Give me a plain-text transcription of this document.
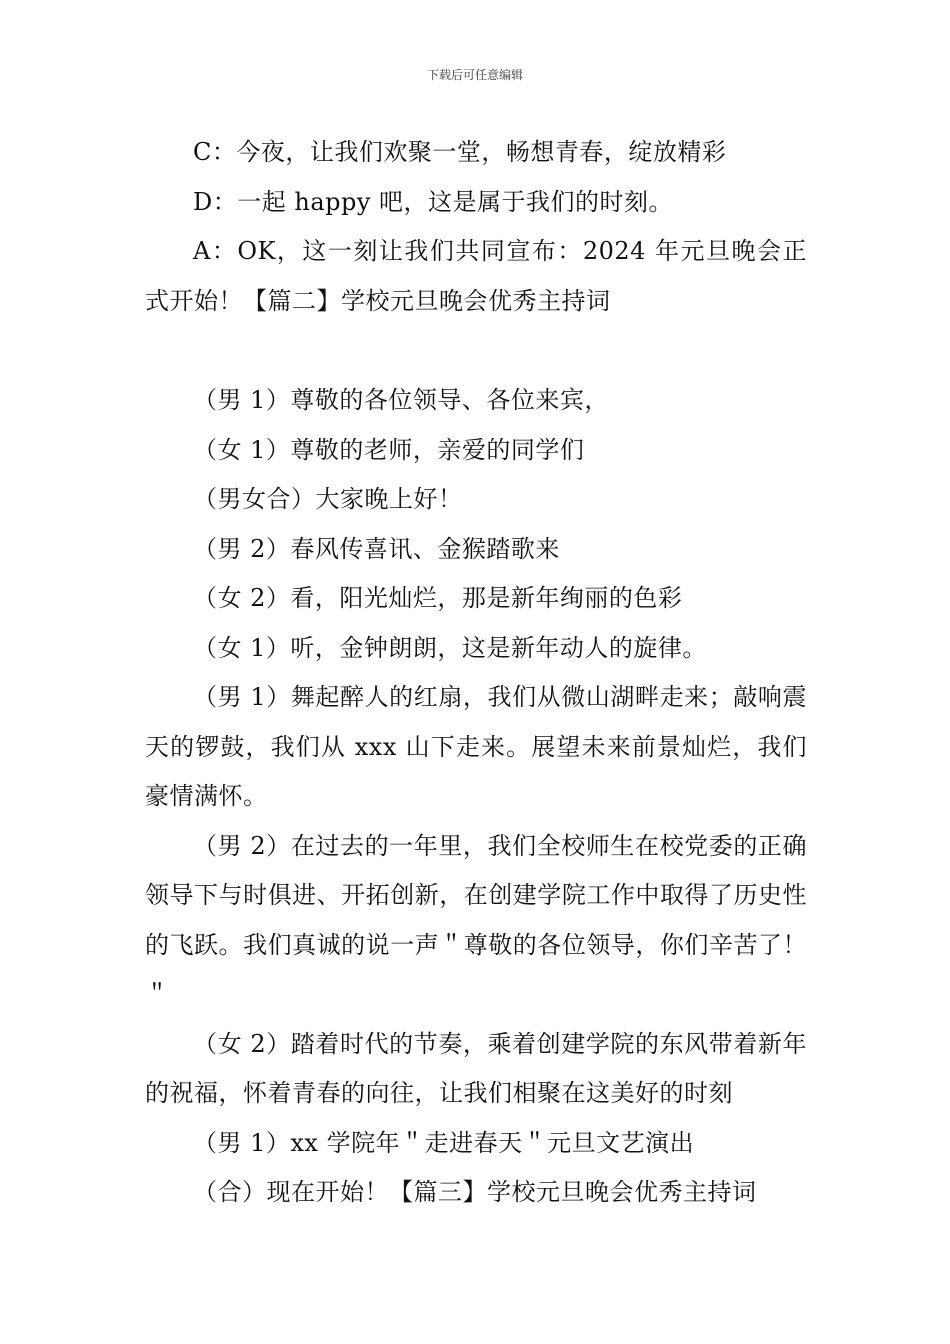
下载后可任意编辑

C：今夜，让我们欢聚一堂，畅想青春，绽放精彩

D：一起 happy 吧，这是属于我们的时刻。

A：OK，这一刻让我们共同宣布：2024 年元旦晚会正式开始！【篇二】学校元旦晚会优秀主持词

（男 1）尊敬的各位领导、各位来宾，

（女 1）尊敬的老师，亲爱的同学们

（男女合）大家晚上好！

（男 2）春风传喜讯、金猴踏歌来

（女 2）看，阳光灿烂，那是新年绚丽的色彩

（女 1）听，金钟朗朗，这是新年动人的旋律。

（男 1）舞起醉人的红扇，我们从微山湖畔走来；敲响震天的锣鼓，我们从 xxx 山下走来。展望未来前景灿烂，我们豪情满怀。

（男 2）在过去的一年里，我们全校师生在校党委的正确领导下与时俱进、开拓创新，在创建学院工作中取得了历史性的飞跃。我们真诚的说一声＂尊敬的各位领导，你们辛苦了！＂

（女 2）踏着时代的节奏，乘着创建学院的东风带着新年的祝福，怀着青春的向往，让我们相聚在这美好的时刻

（男 1）xx 学院年＂走进春天＂元旦文艺演出

（合）现在开始！【篇三】学校元旦晚会优秀主持词
